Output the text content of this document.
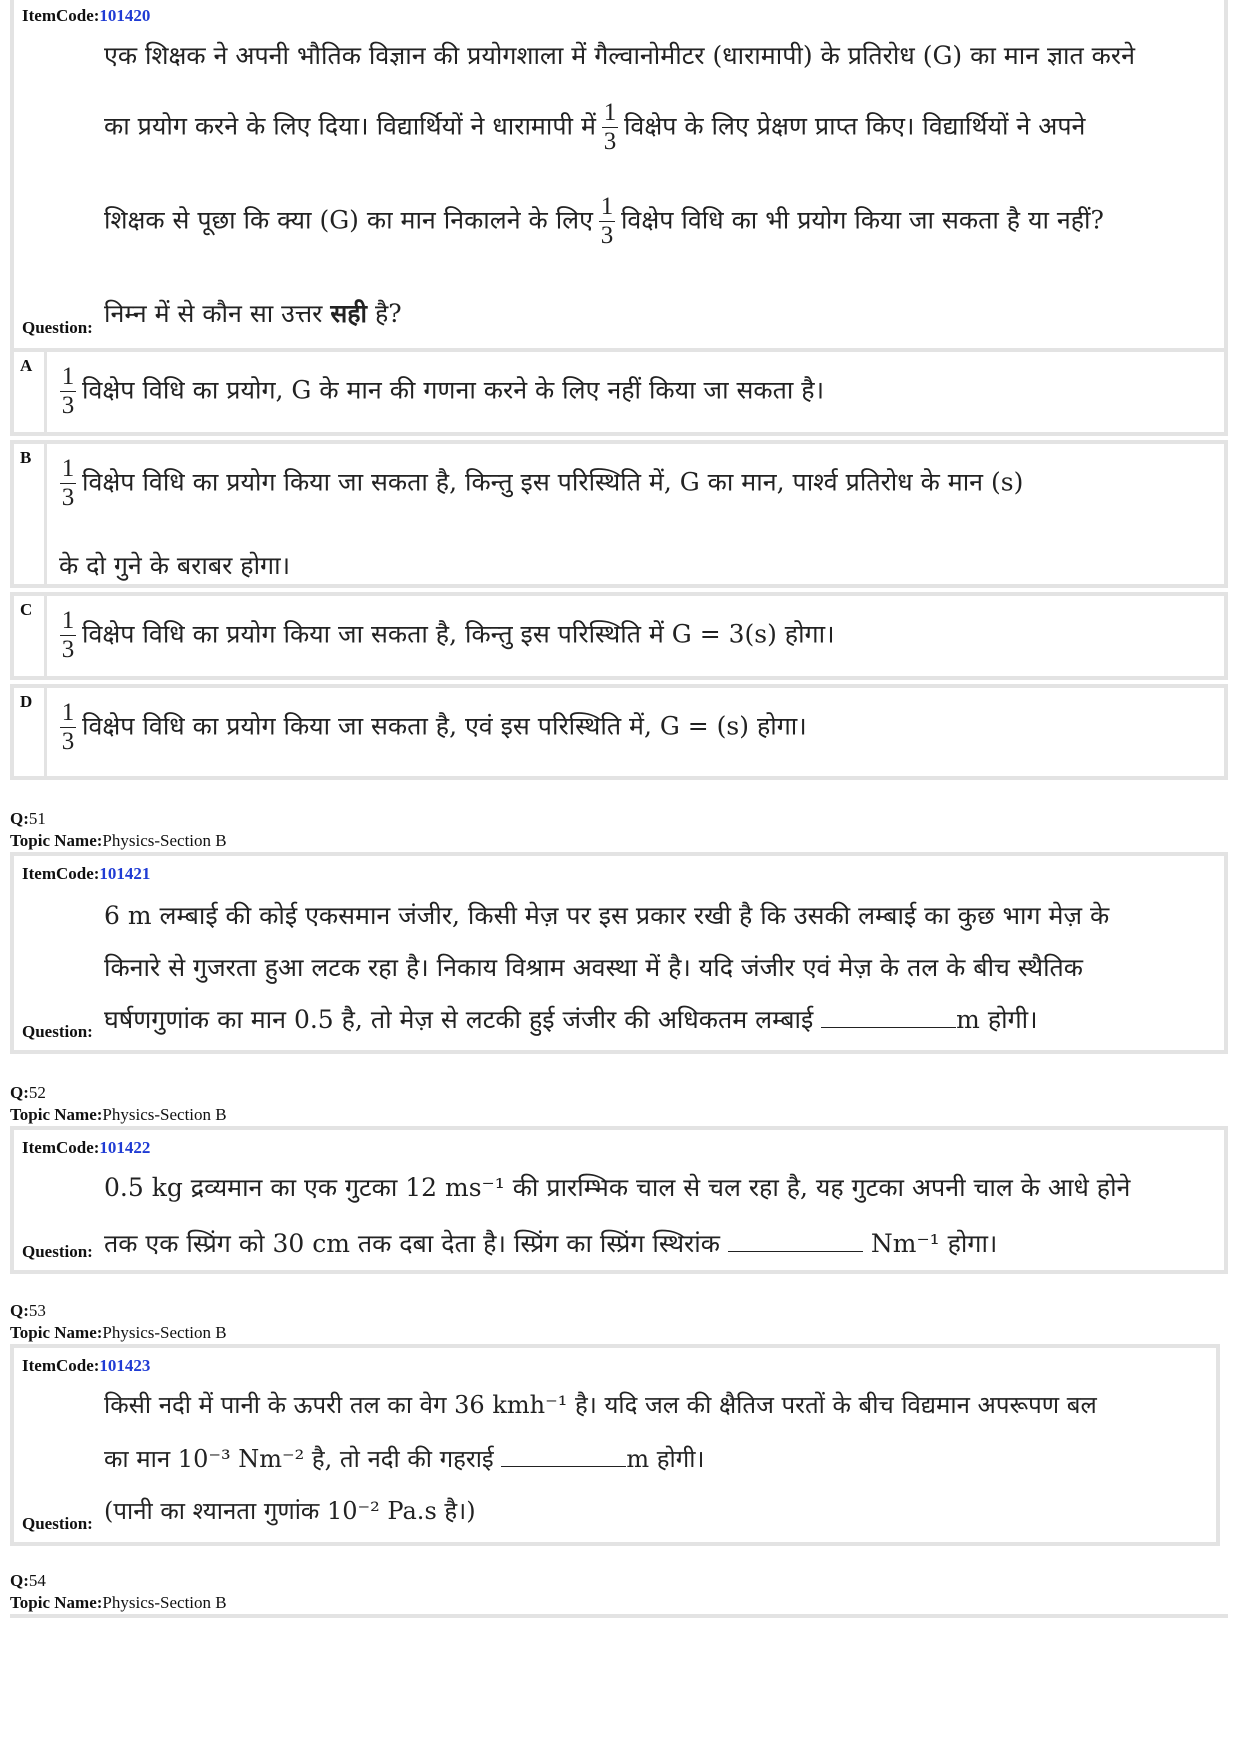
ItemCode:101420
एक शिक्षक ने अपनी भौतिक विज्ञान की प्रयोगशाला में गैल्वानोमीटर (धारामापी) के प्रतिरोध (G) का मान ज्ञात करने
का प्रयोग करने के लिए दिया। विद्यार्थियों ने धारामापी में $\frac{1}{3}$ विक्षेप के लिए प्रेक्षण प्राप्त किए। विद्यार्थियों ने अपने
शिक्षक से पूछा कि क्या (G) का मान निकालने के लिए $\frac{1}{3}$ विक्षेप विधि का भी प्रयोग किया जा सकता है या नहीं?
निम्न में से कौन सा उत्तर सही है?
Question:
A $\frac{1}{3}$ विक्षेप विधि का प्रयोग, G के मान की गणना करने के लिए नहीं किया जा सकता है।
B $\frac{1}{3}$ विक्षेप विधि का प्रयोग किया जा सकता है, किन्तु इस परिस्थिति में, G का मान, पार्श्व प्रतिरोध के मान (s)
के दो गुने के बराबर होगा।
C $\frac{1}{3}$ विक्षेप विधि का प्रयोग किया जा सकता है, किन्तु इस परिस्थिति में G = 3(s) होगा।
D $\frac{1}{3}$ विक्षेप विधि का प्रयोग किया जा सकता है, एवं इस परिस्थिति में, G = (s) होगा।
Q:51
Topic Name:Physics-Section B
ItemCode:101421
6 m लम्बाई की कोई एकसमान जंजीर, किसी मेज़ पर इस प्रकार रखी है कि उसकी लम्बाई का कुछ भाग मेज़ के
किनारे से गुजरता हुआ लटक रहा है। निकाय विश्राम अवस्था में है। यदि जंजीर एवं मेज़ के तल के बीच स्थैतिक
घर्षणगुणांक का मान 0.5 है, तो मेज़ से लटकी हुई जंजीर की अधिकतम लम्बाई	m होगी।
Question:
Q:52
Topic Name:Physics-Section B
ItemCode:101422
0.5 kg द्रव्यमान का एक गुटका 12 ms⁻¹ की प्रारम्भिक चाल से चल रहा है, यह गुटका अपनी चाल के आधे होने
तक एक स्प्रिंग को 30 cm तक दबा देता है। स्प्रिंग का स्प्रिंग स्थिरांक	Nm⁻¹ होगा।
Question:
Q:53
Topic Name:Physics-Section B
ItemCode:101423
किसी नदी में पानी के ऊपरी तल का वेग 36 kmh⁻¹ है। यदि जल की क्षैतिज परतों के बीच विद्यमान अपरूपण बल
का मान 10⁻³ Nm⁻² है, तो नदी की गहराई	m होगी।
(पानी का श्यानता गुणांक 10⁻² Pa.s है।)
Question:
Q:54
Topic Name:Physics-Section B
